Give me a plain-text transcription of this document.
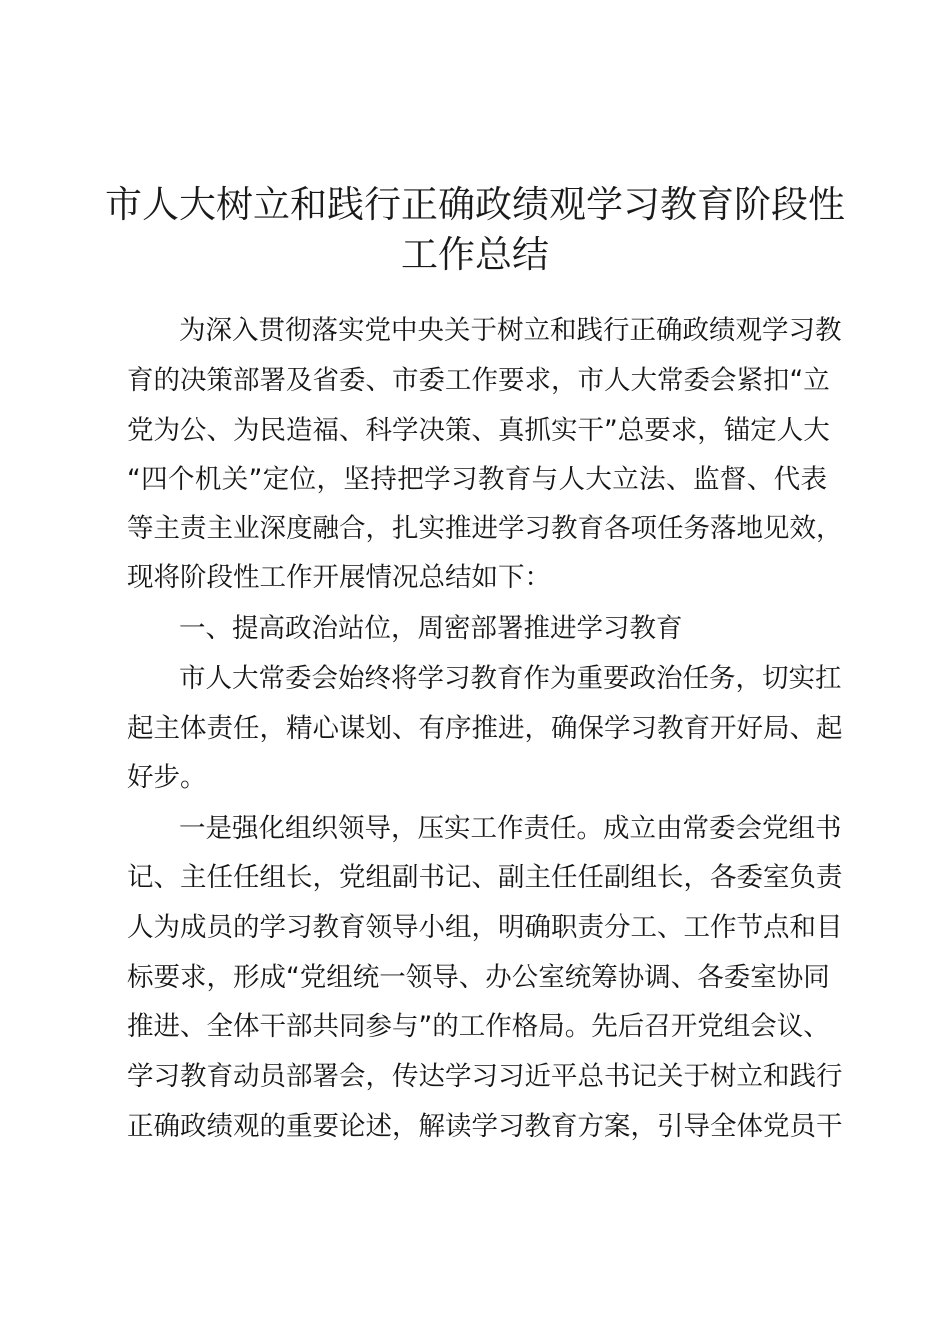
市人大树立和践行正确政绩观学习教育阶段性
工作总结
为深入贯彻落实党中央关于树立和践行正确政绩观学习教
育的决策部署及省委、市委工作要求，市人大常委会紧扣“立
党为公、为民造福、科学决策、真抓实干”总要求，锚定人大
“四个机关”定位，坚持把学习教育与人大立法、监督、代表
等主责主业深度融合，扎实推进学习教育各项任务落地见效，
现将阶段性工作开展情况总结如下：
一、提高政治站位，周密部署推进学习教育
市人大常委会始终将学习教育作为重要政治任务，切实扛
起主体责任，精心谋划、有序推进，确保学习教育开好局、起
好步。
一是强化组织领导，压实工作责任。成立由常委会党组书
记、主任任组长，党组副书记、副主任任副组长，各委室负责
人为成员的学习教育领导小组，明确职责分工、工作节点和目
标要求，形成“党组统一领导、办公室统筹协调、各委室协同
推进、全体干部共同参与”的工作格局。先后召开党组会议、
学习教育动员部署会，传达学习习近平总书记关于树立和践行
正确政绩观的重要论述，解读学习教育方案，引导全体党员干
